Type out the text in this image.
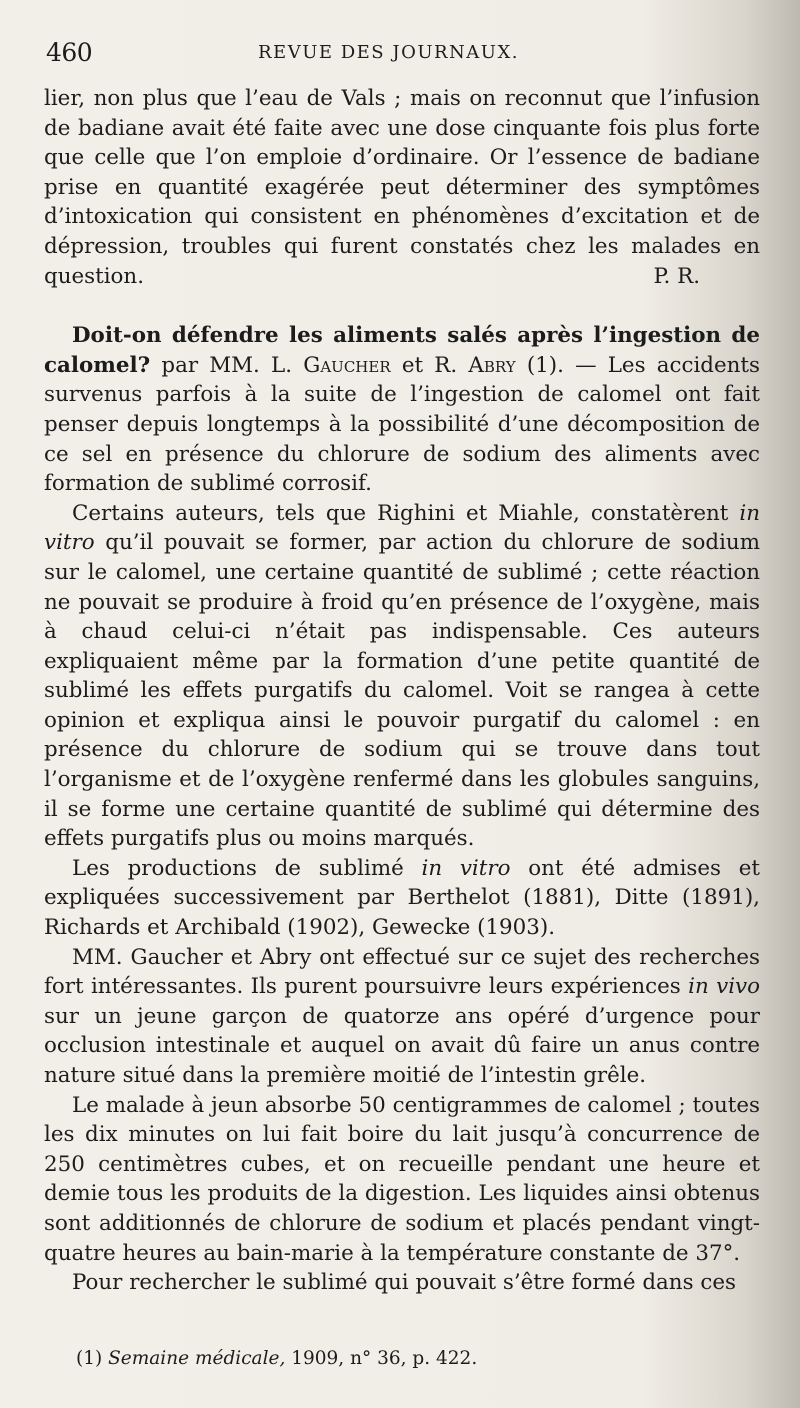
460	REVUE DES JOURNAUX.

lier, non plus que l’eau de Vals ; mais on reconnut que l’infusion de badiane avait été faite avec une dose cinquante fois plus forte que celle que l’on emploie d’ordinaire. Or l’essence de badiane prise en quantité exagérée peut déterminer des symptômes d’intoxication qui consistent en phénomènes d’excitation et de dépression, troubles qui furent constatés chez les malades en question.	P. R.

Doit-on défendre les aliments salés après l’ingestion de calomel? par MM. L. Gaucher et R. Abry (1). — Les accidents survenus parfois à la suite de l’ingestion de calomel ont fait penser depuis longtemps à la possibilité d’une décomposition de ce sel en présence du chlorure de sodium des aliments avec formation de sublimé corrosif.

Certains auteurs, tels que Righini et Miahle, constatèrent in vitro qu’il pouvait se former, par action du chlorure de sodium sur le calomel, une certaine quantité de sublimé ; cette réaction ne pouvait se produire à froid qu’en présence de l’oxygène, mais à chaud celui-ci n’était pas indispensable. Ces auteurs expliquaient même par la formation d’une petite quantité de sublimé les effets purgatifs du calomel. Voit se rangea à cette opinion et expliqua ainsi le pouvoir purgatif du calomel : en présence du chlorure de sodium qui se trouve dans tout l’organisme et de l’oxygène renfermé dans les globules sanguins, il se forme une certaine quantité de sublimé qui détermine des effets purgatifs plus ou moins marqués.

Les productions de sublimé in vitro ont été admises et expliquées successivement par Berthelot (1881), Ditte (1891), Richards et Archibald (1902), Gewecke (1903).

MM. Gaucher et Abry ont effectué sur ce sujet des recherches fort intéressantes. Ils purent poursuivre leurs expériences in vivo sur un jeune garçon de quatorze ans opéré d’urgence pour occlusion intestinale et auquel on avait dû faire un anus contre nature situé dans la première moitié de l’intestin grêle.

Le malade à jeun absorbe 50 centigrammes de calomel ; toutes les dix minutes on lui fait boire du lait jusqu’à concurrence de 250 centimètres cubes, et on recueille pendant une heure et demie tous les produits de la digestion. Les liquides ainsi obtenus sont additionnés de chlorure de sodium et placés pendant vingt-quatre heures au bain-marie à la température constante de 37°.

Pour rechercher le sublimé qui pouvait s’être formé dans ces

(1) Semaine médicale, 1909, n° 36, p. 422.
